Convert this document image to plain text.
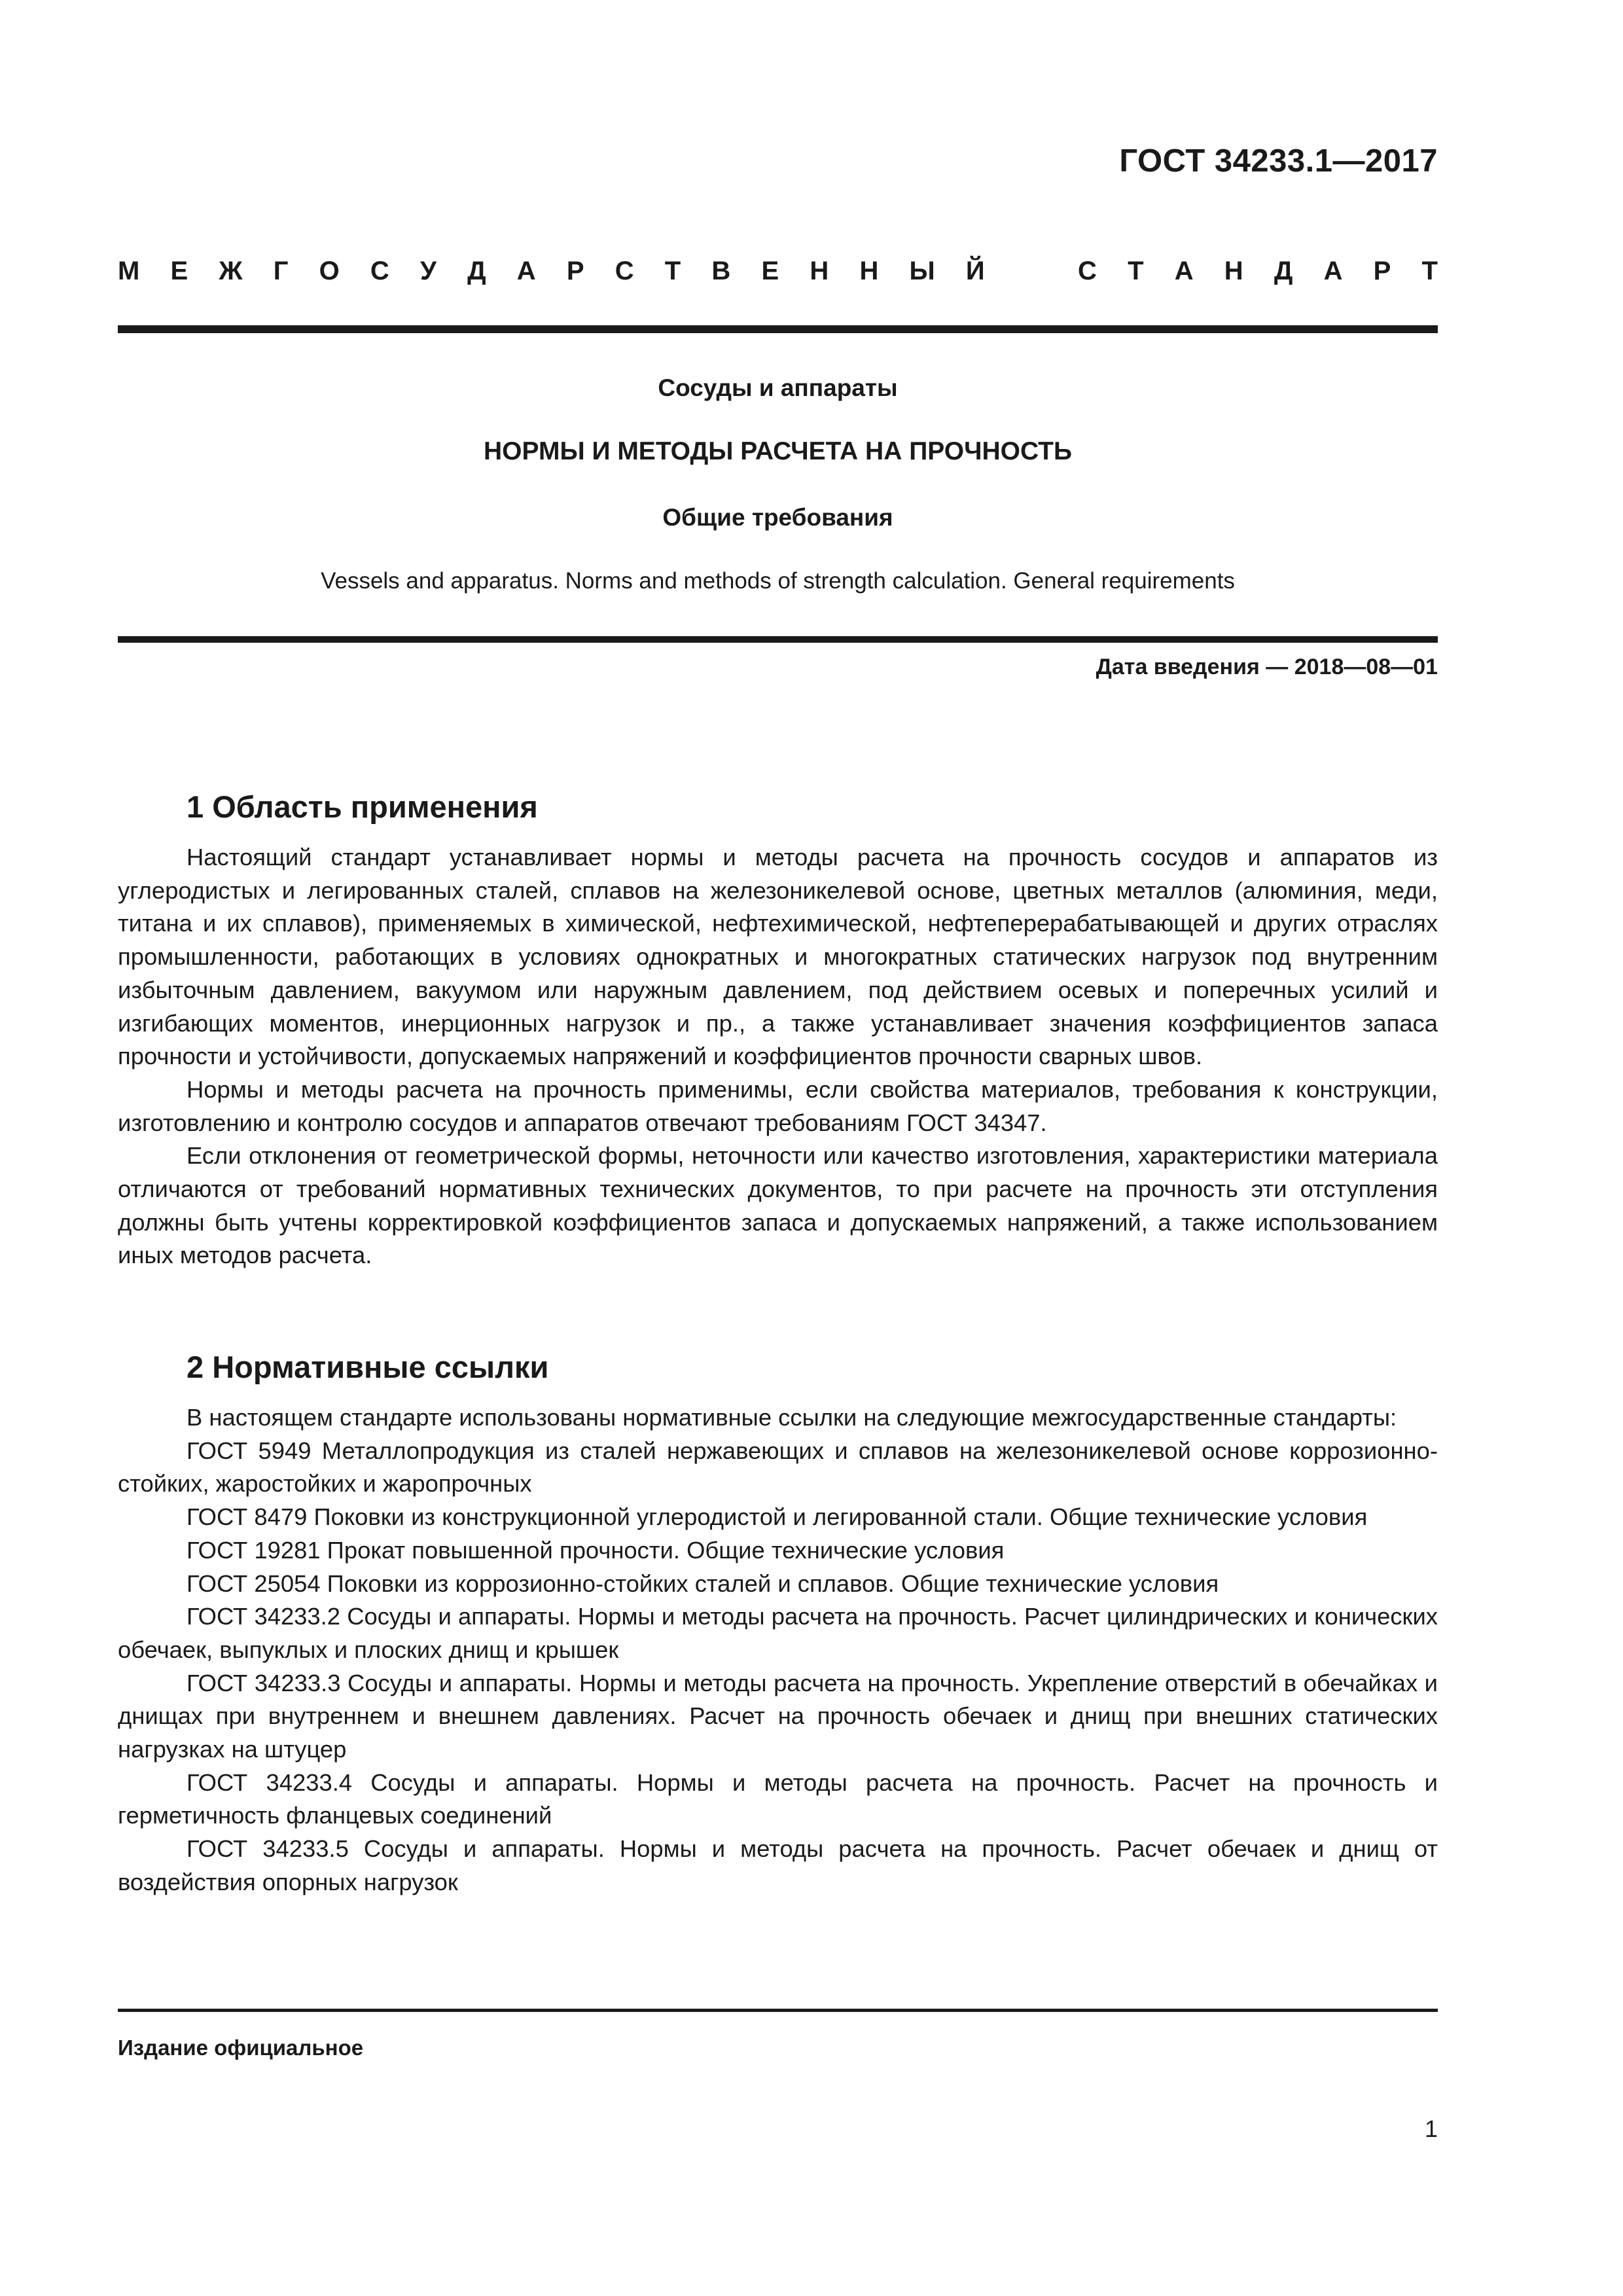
ГОСТ 34233.1—2017
М Е Ж Г О С У Д А Р С Т В Е Н Н Ы Й	С Т А Н Д А Р Т
Сосуды и аппараты
НОРМЫ И МЕТОДЫ РАСЧЕТА НА ПРОЧНОСТЬ
Общие требования
Vessels and apparatus. Norms and methods of strength calculation. General requirements
Дата введения — 2018—08—01
1 Область применения

Настоящий стандарт устанавливает нормы и методы расчета на прочность сосудов и аппаратов из углеродистых и легированных сталей, сплавов на железоникелевой основе, цветных металлов (алюминия, меди, титана и их сплавов), применяемых в химической, нефтехимической, нефтеперерабатывающей и других отраслях промышленности, работающих в условиях однократных и многократных статических нагрузок под внутренним избыточным давлением, вакуумом или наружным давлением, под действием осевых и поперечных усилий и изгибающих моментов, инерционных нагрузок и пр., а также устанавливает значения коэффициентов запаса прочности и устойчивости, допускаемых напряжений и коэффициентов прочности сварных швов.

Нормы и методы расчета на прочность применимы, если свойства материалов, требования к конструкции, изготовлению и контролю сосудов и аппаратов отвечают требованиям ГОСТ 34347.

Если отклонения от геометрической формы, неточности или качество изготовления, характеристики материала отличаются от требований нормативных технических документов, то при расчете на прочность эти отступления должны быть учтены корректировкой коэффициентов запаса и допускаемых напряжений, а также использованием иных методов расчета.

2 Нормативные ссылки

В настоящем стандарте использованы нормативные ссылки на следующие межгосударственные стандарты:

ГОСТ 5949 Металлопродукция из сталей нержавеющих и сплавов на железоникелевой основе коррозионно-стойких, жаростойких и жаропрочных

ГОСТ 8479 Поковки из конструкционной углеродистой и легированной стали. Общие технические условия

ГОСТ 19281 Прокат повышенной прочности. Общие технические условия

ГОСТ 25054 Поковки из коррозионно-стойких сталей и сплавов. Общие технические условия

ГОСТ 34233.2 Сосуды и аппараты. Нормы и методы расчета на прочность. Расчет цилиндрических и конических обечаек, выпуклых и плоских днищ и крышек

ГОСТ 34233.3 Сосуды и аппараты. Нормы и методы расчета на прочность. Укрепление отверстий в обечайках и днищах при внутреннем и внешнем давлениях. Расчет на прочность обечаек и днищ при внешних статических нагрузках на штуцер

ГОСТ 34233.4 Сосуды и аппараты. Нормы и методы расчета на прочность. Расчет на прочность и герметичность фланцевых соединений

ГОСТ 34233.5 Сосуды и аппараты. Нормы и методы расчета на прочность. Расчет обечаек и днищ от воздействия опорных нагрузок

Издание официальное
1
